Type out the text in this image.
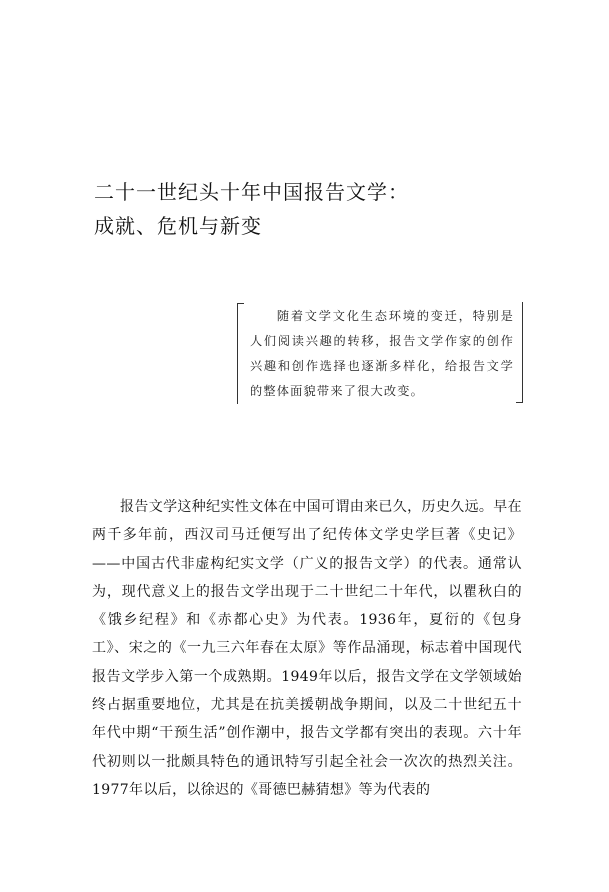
二十一世纪头十年中国报告文学：
成就、危机与新变
随着文学文化生态环境的变迁，特别是人们阅读兴趣的转移，报告文学作家的创作兴趣和创作选择也逐渐多样化，给报告文学的整体面貌带来了很大改变。

报告文学这种纪实性文体在中国可谓由来已久，历史久远。早在两千多年前，西汉司马迁便写出了纪传体文学史学巨著《史记》——中国古代非虚构纪实文学（广义的报告文学）的代表。通常认为，现代意义上的报告文学出现于二十世纪二十年代，以瞿秋白的《饿乡纪程》和《赤都心史》为代表。1936年，夏衍的《包身工》、宋之的《一九三六年春在太原》等作品涌现，标志着中国现代报告文学步入第一个成熟期。1949年以后，报告文学在文学领域始终占据重要地位，尤其是在抗美援朝战争期间，以及二十世纪五十年代中期“干预生活”创作潮中，报告文学都有突出的表现。六十年代初则以一批颇具特色的通讯特写引起全社会一次次的热烈关注。1977年以后，以徐迟的《哥德巴赫猜想》等为代表的
